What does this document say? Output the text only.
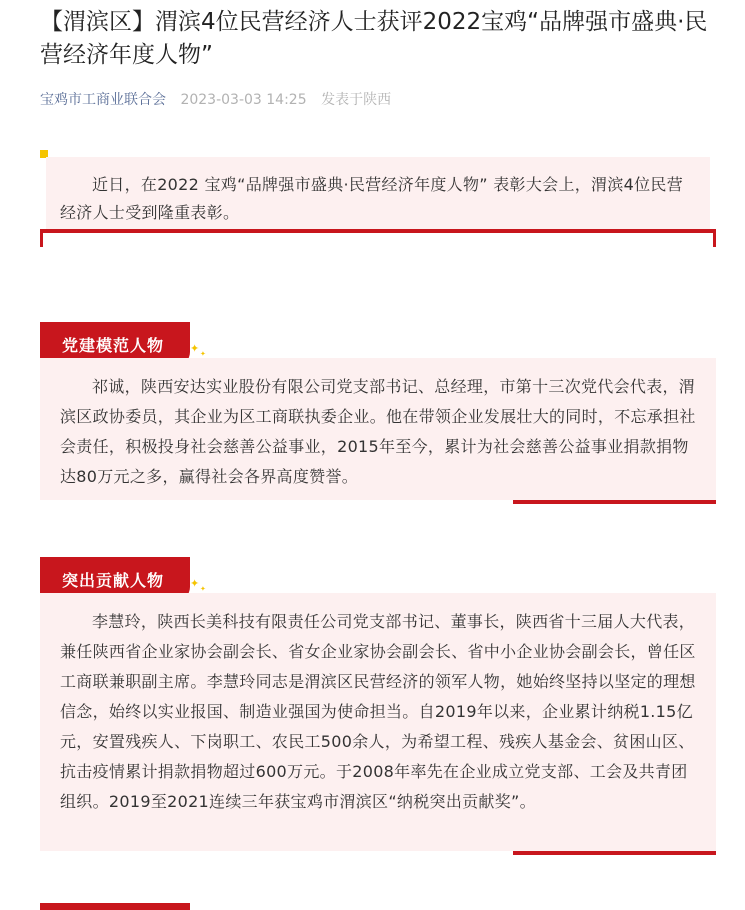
【渭滨区】渭滨4位民营经济人士获评2022宝鸡“品牌强市盛典·民营经济年度人物”
宝鸡市工商业联合会 2023-03-03 14:25 发表于陕西

近日，在2022 宝鸡“品牌强市盛典·民营经济年度人物” 表彰大会上，渭滨4位民营经济人士受到隆重表彰。

党建模范人物	✦ ✦

祁诚，陕西安达实业股份有限公司党支部书记、总经理，市第十三次党代会代表，渭滨区政协委员，其企业为区工商联执委企业。他在带领企业发展壮大的同时，不忘承担社会责任，积极投身社会慈善公益事业，2015年至今，累计为社会慈善公益事业捐款捐物达80万元之多，赢得社会各界高度赞誉。

突出贡献人物	✦ ✦

李慧玲，陕西长美科技有限责任公司党支部书记、董事长，陕西省十三届人大代表，兼任陕西省企业家协会副会长、省女企业家协会副会长、省中小企业协会副会长，曾任区工商联兼职副主席。李慧玲同志是渭滨区民营经济的领军人物，她始终坚持以坚定的理想信念，始终以实业报国、制造业强国为使命担当。自2019年以来，企业累计纳税1.15亿元，安置残疾人、下岗职工、农民工500余人，为希望工程、残疾人基金会、贫困山区、抗击疫情累计捐款捐物超过600万元。于2008年率先在企业成立党支部、工会及共青团组织。2019至2021连续三年获宝鸡市渭滨区“纳税突出贡献奖”。
